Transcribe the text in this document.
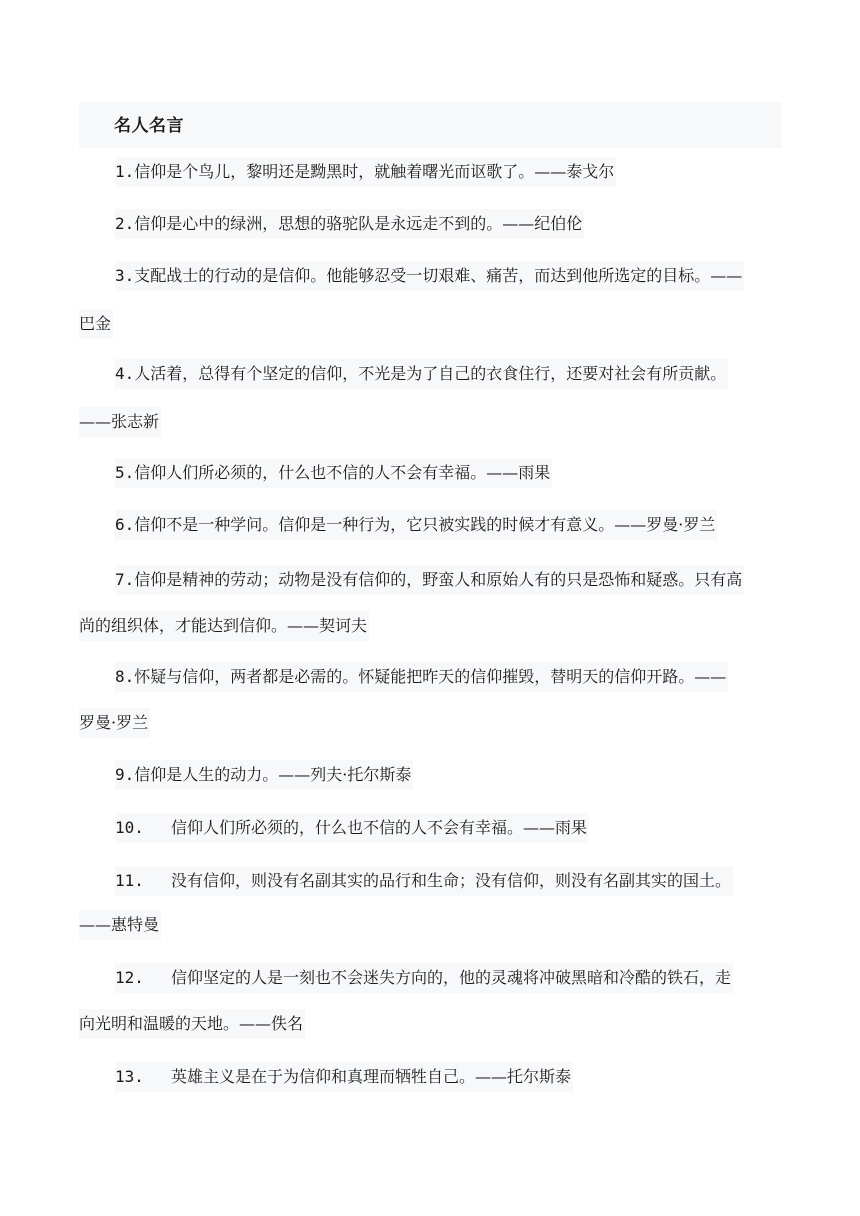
名人名言
1.信仰是个鸟儿，黎明还是黝黑时，就触着曙光而讴歌了。——泰戈尔
2.信仰是心中的绿洲，思想的骆驼队是永远走不到的。——纪伯伦
3.支配战士的行动的是信仰。他能够忍受一切艰难、痛苦，而达到他所选定的目标。——
巴金
4.人活着，总得有个坚定的信仰，不光是为了自己的衣食住行，还要对社会有所贡献。
——张志新
5.信仰人们所必须的，什么也不信的人不会有幸福。——雨果
6.信仰不是一种学问。信仰是一种行为，它只被实践的时候才有意义。——罗曼·罗兰
7.信仰是精神的劳动；动物是没有信仰的，野蛮人和原始人有的只是恐怖和疑惑。只有高
尚的组织体，才能达到信仰。——契诃夫
8.怀疑与信仰，两者都是必需的。怀疑能把昨天的信仰摧毁，替明天的信仰开路。——
罗曼·罗兰
9.信仰是人生的动力。——列夫·托尔斯泰
10. 信仰人们所必须的，什么也不信的人不会有幸福。——雨果
11. 没有信仰，则没有名副其实的品行和生命；没有信仰，则没有名副其实的国土。
——惠特曼
12. 信仰坚定的人是一刻也不会迷失方向的，他的灵魂将冲破黑暗和冷酷的铁石，走
向光明和温暖的天地。——佚名
13. 英雄主义是在于为信仰和真理而牺牲自己。——托尔斯泰
